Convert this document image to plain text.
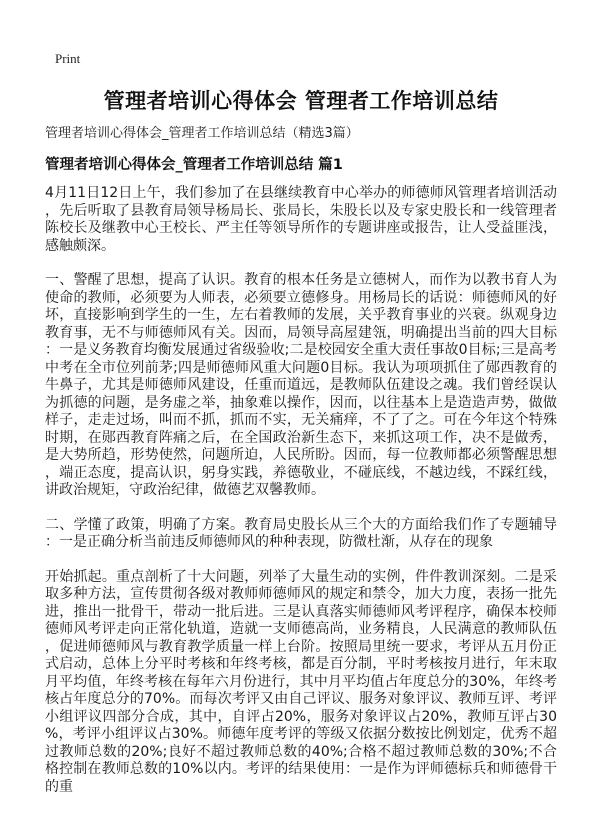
Print
管理者培训心得体会 管理者工作培训总结
管理者培训心得体会_管理者工作培训总结（精选3篇）
管理者培训心得体会_管理者工作培训总结 篇1

4月11日12日上午，我们参加了在县继续教育中心举办的师德师风管理者培训活动，先后听取了县教育局领导杨局长、张局长，朱股长以及专家史股长和一线管理者陈校长及继教中心王校长、严主任等领导所作的专题讲座或报告，让人受益匪浅，感触颇深。

一、警醒了思想，提高了认识。教育的根本任务是立德树人，而作为以教书育人为使命的教师，必须要为人师表，必须要立德修身。用杨局长的话说：师德师风的好坏，直接影响到学生的一生，左右着教师的发展，关乎教育事业的兴衰。纵观身边教育事，无不与师德师风有关。因而，局领导高屋建瓴，明确提出当前的四大目标：一是义务教育均衡发展通过省级验收;二是校园安全重大责任事故0目标;三是高考中考在全市位列前茅;四是师德师风重大问题0目标。我认为项项抓住了郧西教育的牛鼻子，尤其是师德师风建设，任重而道远，是教师队伍建设之魂。我们曾经误认为抓德的问题，是务虚之举，抽象难以操作，因而，以往基本上是造造声势，做做样子，走走过场，叫而不抓，抓而不实，无关痛痒，不了了之。可在今年这个特殊时期，在郧西教育阵痛之后，在全国政治新生态下，来抓这项工作，决不是做秀，是大势所趋，形势使然，问题所迫，人民所盼。因而，每一位教师都必须警醒思想，端正态度，提高认识，躬身实践，养德敬业，不碰底线，不越边线，不踩红线，讲政治规矩，守政治纪律，做德艺双馨教师。

二、学懂了政策，明确了方案。教育局史股长从三个大的方面给我们作了专题辅导：一是正确分析当前违反师德师风的种种表现，防微杜渐，从存在的现象

开始抓起。重点剖析了十大问题，列举了大量生动的实例，件件教训深刻。二是采取多种方法，宣传贯彻各级对教师师德师风的规定和禁令，加大力度，表扬一批先进，推出一批骨干，带动一批后进。三是认真落实师德师风考评程序，确保本校师德师风考评走向正常化轨道，造就一支师德高尚，业务精良，人民满意的教师队伍，促进师德师风与教育教学质量一样上台阶。按照局里统一要求，考评从五月份正式启动，总体上分平时考核和年终考核，都是百分制，平时考核按月进行，年末取月平均值，年终考核在每年六月份进行，其中月平均值占年度总分的30%，年终考核占年度总分的70%。而每次考评又由自己评议、服务对象评议、教师互评、考评小组评议四部分合成，其中，自评占20%，服务对象评议占20%，教师互评占30%，考评小组评议占30%。师德年度考评的等级又依据分数按比例划定，优秀不超过教师总数的20%;良好不超过教师总数的40%;合格不超过教师总数的30%;不合格控制在教师总数的10%以内。考评的结果使用：一是作为评师德标兵和师德骨干的重
